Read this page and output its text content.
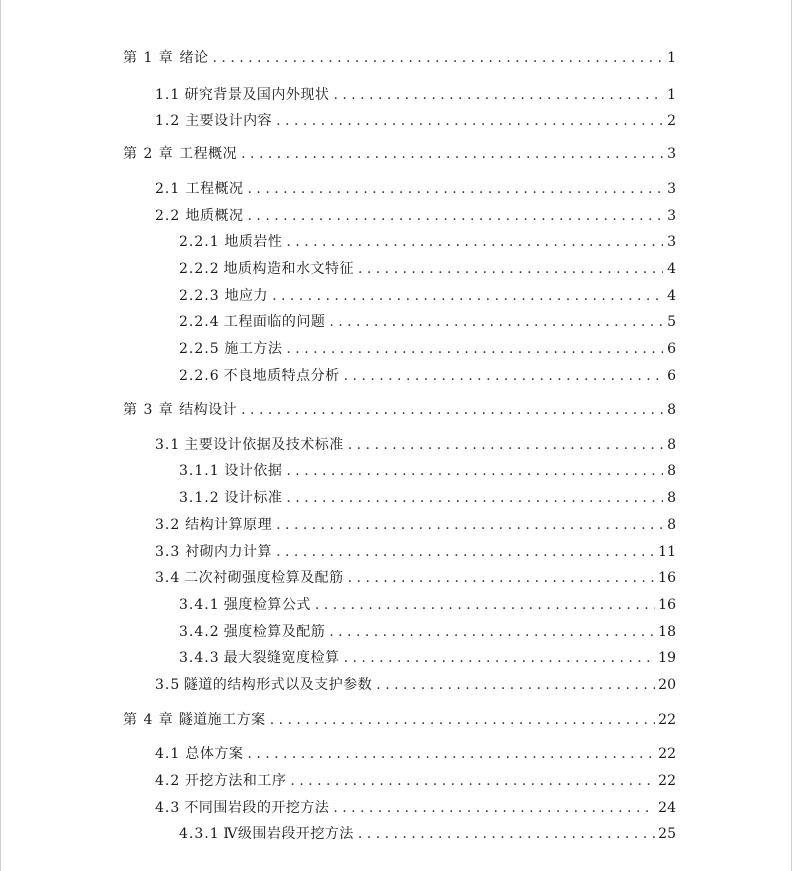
第 1 章 绪论 . . .	1
1.1 研究背景及国内外现状 . . .	1
1.2 主要设计内容 . . .	2
第 2 章 工程概况 . . .	3
2.1 工程概况 . . .	3
2.2 地质概况 . . .	3
2.2.1 地质岩性 . . .	3
2.2.2 地质构造和水文特征 . . .	4
2.2.3 地应力 . . .	4
2.2.4 工程面临的问题 . . .	5
2.2.5 施工方法 . . .	6
2.2.6 不良地质特点分析 . . .	6
第 3 章 结构设计 . . .	8
3.1 主要设计依据及技术标准 . . .	8
3.1.1 设计依据 . . .	8
3.1.2 设计标准 . . .	8
3.2 结构计算原理 . . .	8
3.3 衬砌内力计算 . . .	11
3.4 二次衬砌强度检算及配筋 . . .	16
3.4.1 强度检算公式 . . .	16
3.4.2 强度检算及配筋 . . .	18
3.4.3 最大裂缝宽度检算 . . .	19
3.5 隧道的结构形式以及支护参数 . . .	20
第 4 章 隧道施工方案 . . .	22
4.1 总体方案 . . .	22
4.2 开挖方法和工序 . . .	22
4.3 不同围岩段的开挖方法 . . .	24
4.3.1 Ⅳ级围岩段开挖方法 . . .	25
